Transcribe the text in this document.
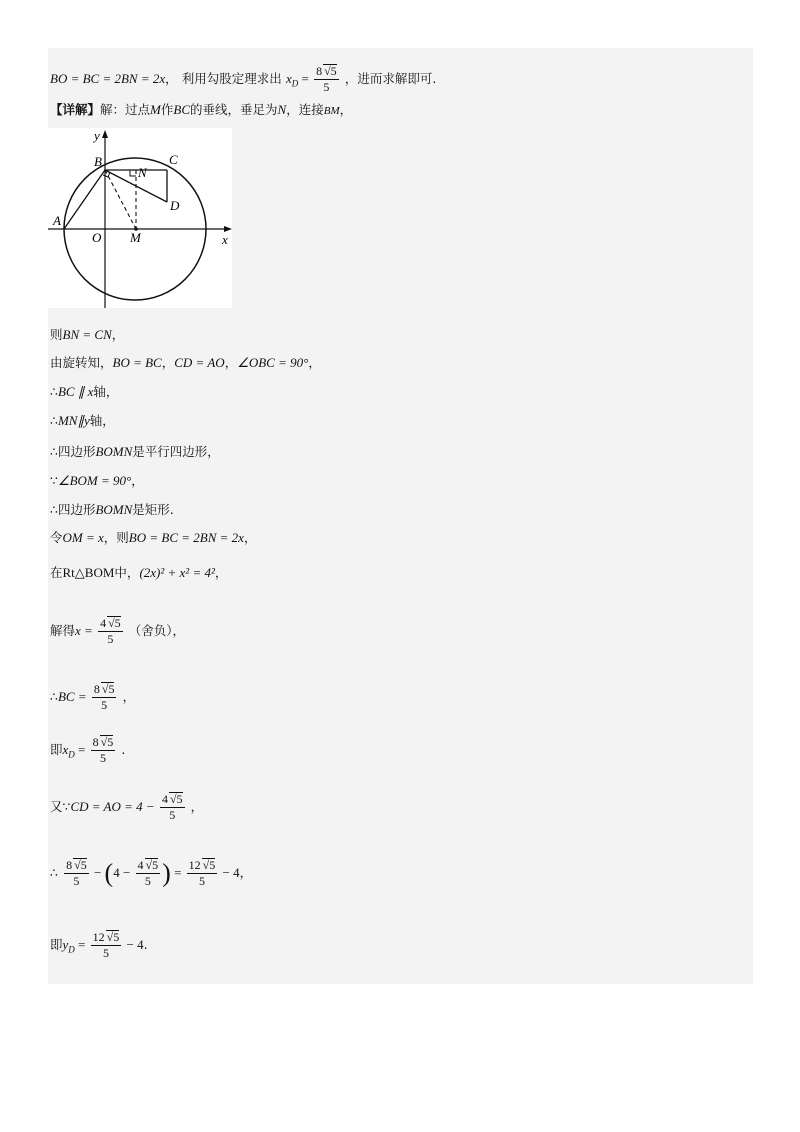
BO = BC = 2BN = 2x， 利用勾股定理求出 $x_D = \frac{8 √5}{5}$ ，进而求解即可.
【详解】解：过点M作BC的垂线，垂足为N，连接BM，
y
B	C
N
D
A
O M	x
则BN = CN，
由旋转知，BO = BC，CD = AO，∠OBC = 90°，
∴BC ∥ x轴，
∴MN∥y轴，
∴四边形BOMN是平行四边形，
∵∠BOM = 90°，
∴四边形BOMN是矩形.
令OM = x，则BO = BC = 2BN = 2x，
在Rt△BOM中，(2x)² + x² = 4²，
解得$x = \frac{4 √5}{5}$ （舍负），
∴BC = $\frac{8 √5}{5}$ ，
即$x_D = \frac{8 √5}{5}$ .
又∵CD = AO = $4 - \frac{4 √5}{5}$ ，
∴ $\frac{8 √5}{5} - (4 - \frac{4 √5}{5}$ ) = $\frac{12 √5}{5} - 4$，
即$y_D = \frac{12 √5}{5} - 4$.
